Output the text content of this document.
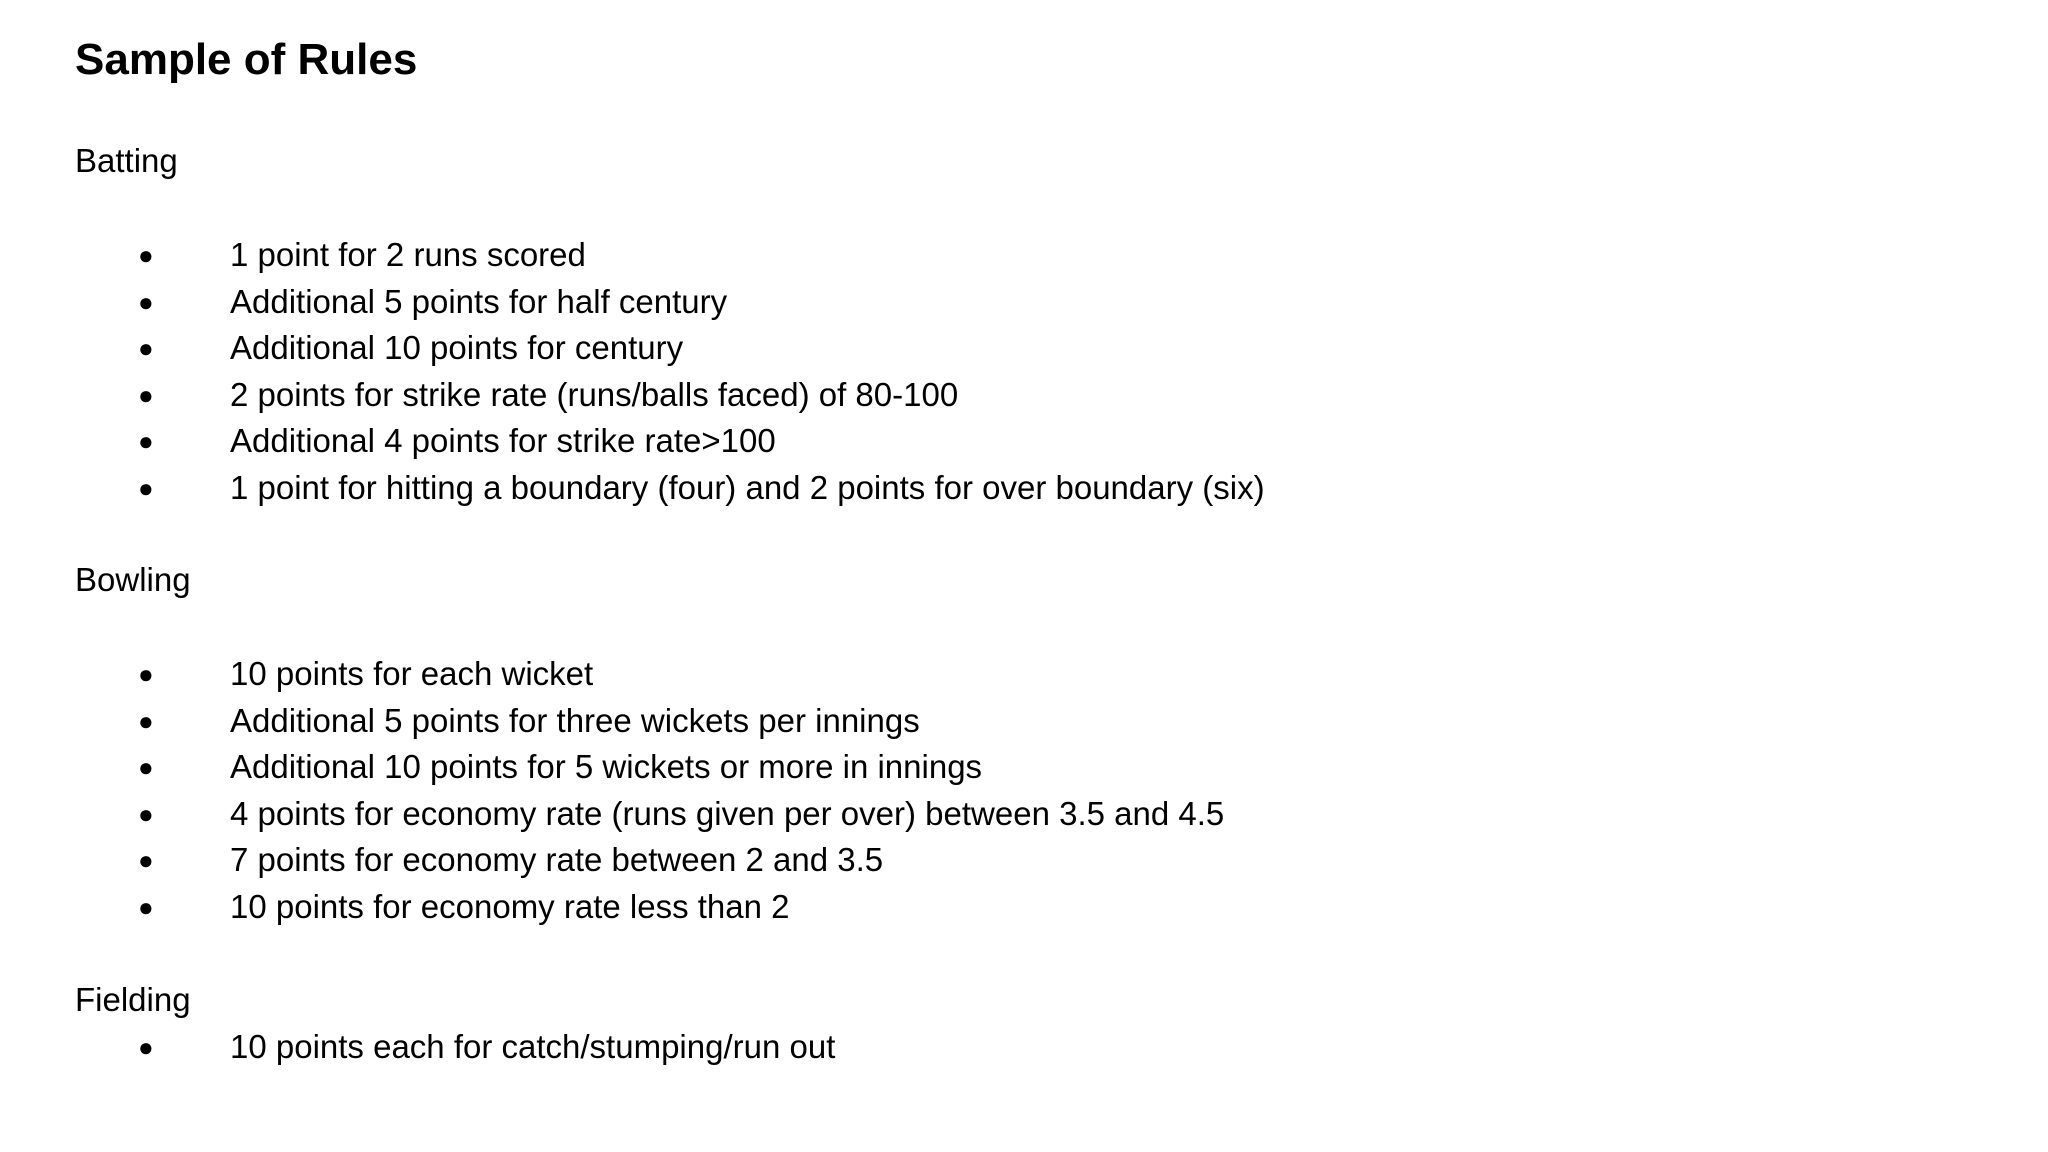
Sample of Rules
Batting
● 1 point for 2 runs scored
● Additional 5 points for half century
● Additional 10 points for century
● 2 points for strike rate (runs/balls faced) of 80-100
● Additional 4 points for strike rate>100
● 1 point for hitting a boundary (four) and 2 points for over boundary (six)
Bowling
● 10 points for each wicket
● Additional 5 points for three wickets per innings
● Additional 10 points for 5 wickets or more in innings
● 4 points for economy rate (runs given per over) between 3.5 and 4.5
● 7 points for economy rate between 2 and 3.5
● 10 points for economy rate less than 2
Fielding
● 10 points each for catch/stumping/run out
